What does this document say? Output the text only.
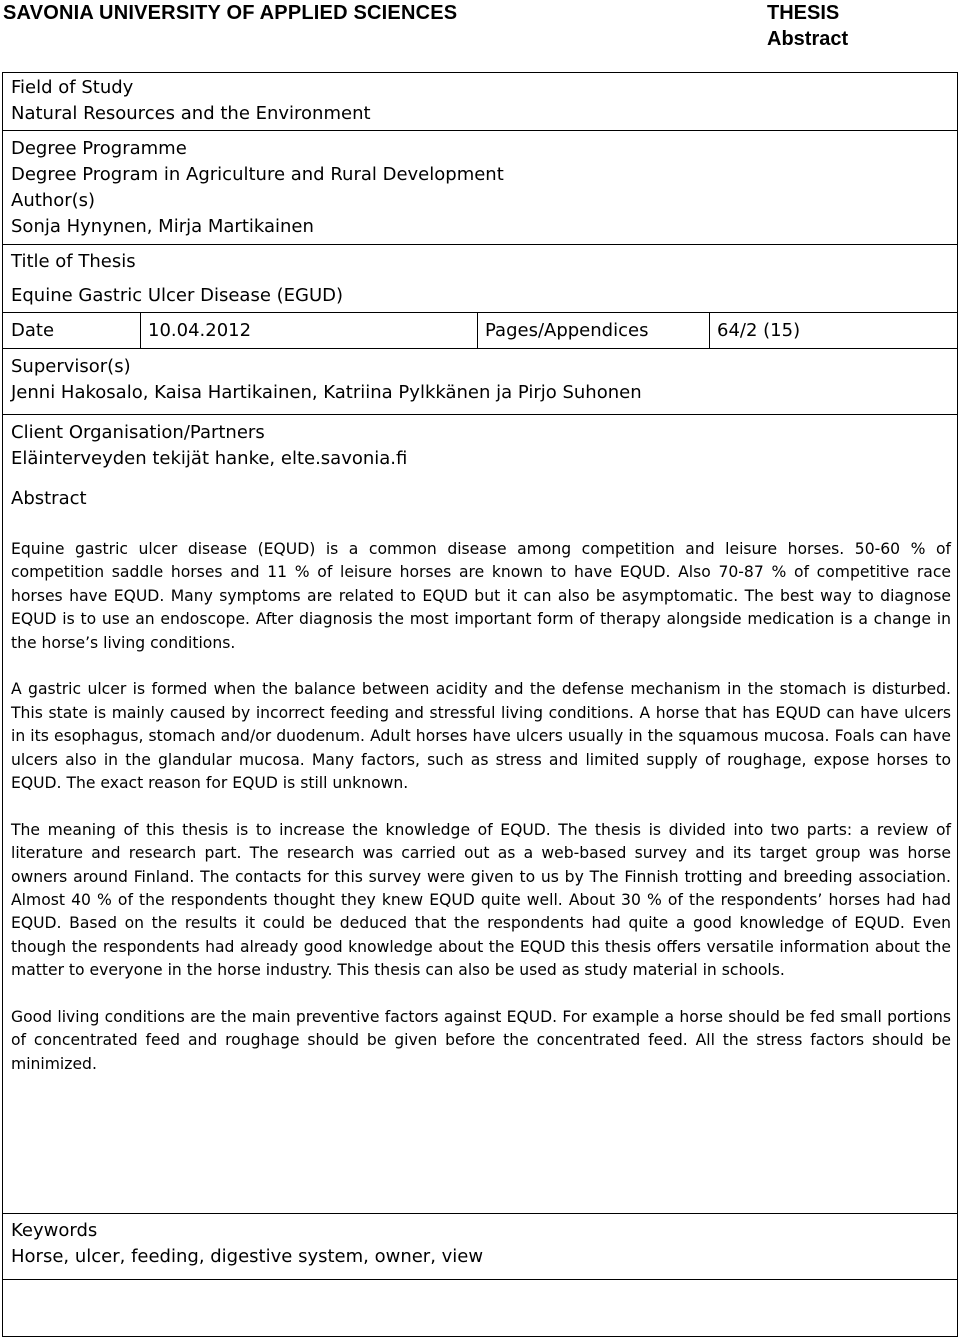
SAVONIA UNIVERSITY OF APPLIED SCIENCES	THESIS
Abstract
Field of Study
Natural Resources and the Environment
Degree Programme
Degree Program in Agriculture and Rural Development
Author(s)
Sonja Hynynen, Mirja Martikainen
Title of Thesis
Equine Gastric Ulcer Disease (EGUD)
Date	10.04.2012	Pages/Appendices	64/2 (15)
Supervisor(s)
Jenni Hakosalo, Kaisa Hartikainen, Katriina Pylkkänen ja Pirjo Suhonen
Client Organisation/Partners
Eläinterveyden tekijät hanke, elte.savonia.fi
Abstract

Equine gastric ulcer disease (EQUD) is a common disease among competition and leisure horses. 50-60 % of competition saddle horses and 11 % of leisure horses are known to have EQUD. Also 70-87 % of competitive race horses have EQUD. Many symptoms are related to EQUD but it can also be asymptomatic. The best way to diagnose EQUD is to use an endoscope. After diagnosis the most important form of therapy alongside medication is a change in the horse’s living conditions.

A gastric ulcer is formed when the balance between acidity and the defense mechanism in the stomach is disturbed. This state is mainly caused by incorrect feeding and stressful living conditions. A horse that has EQUD can have ulcers in its esophagus, stomach and/or duodenum. Adult horses have ulcers usually in the squamous mucosa. Foals can have ulcers also in the glandular mucosa. Many factors, such as stress and limited supply of roughage, expose horses to EQUD. The exact reason for EQUD is still unknown.

The meaning of this thesis is to increase the knowledge of EQUD. The thesis is divided into two parts: a review of literature and research part. The research was carried out as a web-based survey and its target group was horse owners around Finland. The contacts for this survey were given to us by The Finnish trotting and breeding association. Almost 40 % of the respondents thought they knew EQUD quite well. About 30 % of the respondents’ horses had had EQUD. Based on the results it could be deduced that the respondents had quite a good knowledge of EQUD. Even though the respondents had already good knowledge about the EQUD this thesis offers versatile information about the matter to everyone in the horse industry. This thesis can also be used as study material in schools.

Good living conditions are the main preventive factors against EQUD. For example a horse should be fed small portions of concentrated feed and roughage should be given before the concentrated feed. All the stress factors should be minimized.

Keywords
Horse, ulcer, feeding, digestive system, owner, view
